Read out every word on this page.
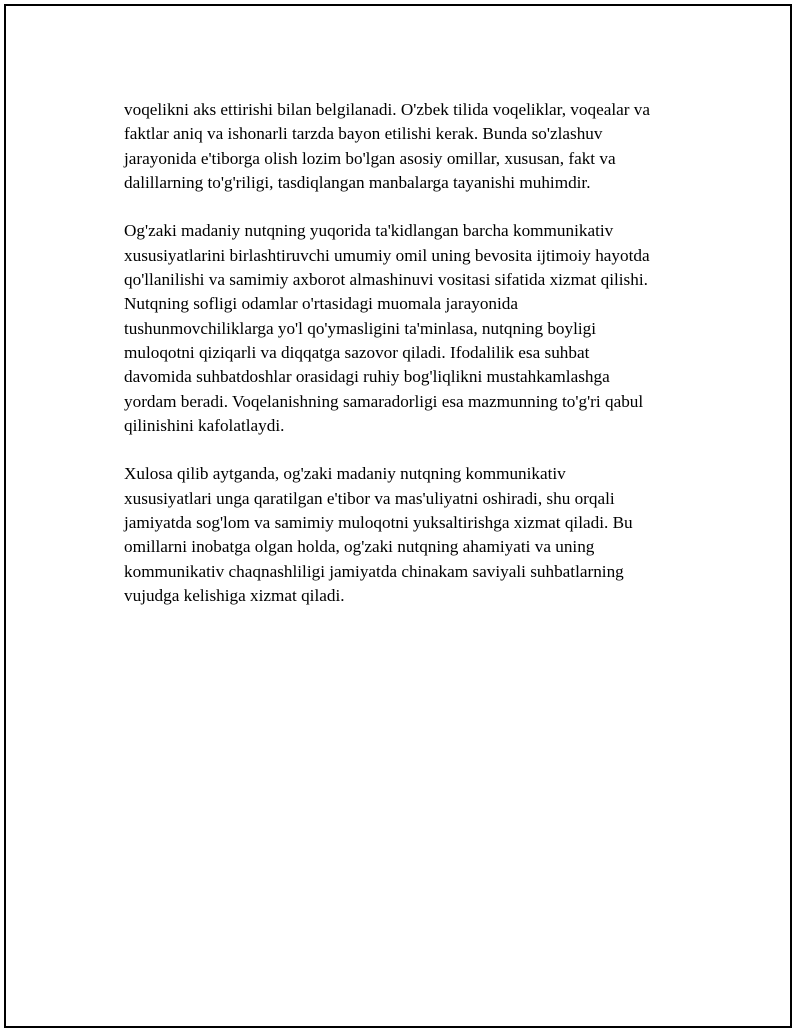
voqelikni aks ettirishi bilan belgilanadi. O'zbek tilida voqeliklar, voqealar va
faktlar aniq va ishonarli tarzda bayon etilishi kerak. Bunda so'zlashuv
jarayonida e'tiborga olish lozim bo'lgan asosiy omillar, xususan, fakt va
dalillarning to'g'riligi, tasdiqlangan manbalarga tayanishi muhimdir.

Og'zaki madaniy nutqning yuqorida ta'kidlangan barcha kommunikativ
xususiyatlarini birlashtiruvchi umumiy omil uning bevosita ijtimoiy hayotda
qo'llanilishi va samimiy axborot almashinuvi vositasi sifatida xizmat qilishi.
Nutqning sofligi odamlar o'rtasidagi muomala jarayonida
tushunmovchiliklarga yo'l qo'ymasligini ta'minlasa, nutqning boyligi
muloqotni qiziqarli va diqqatga sazovor qiladi. Ifodalilik esa suhbat
davomida suhbatdoshlar orasidagi ruhiy bog'liqlikni mustahkamlashga
yordam beradi. Voqelanishning samaradorligi esa mazmunning to'g'ri qabul
qilinishini kafolatlaydi.

Xulosa qilib aytganda, og'zaki madaniy nutqning kommunikativ
xususiyatlari unga qaratilgan e'tibor va mas'uliyatni oshiradi, shu orqali
jamiyatda sog'lom va samimiy muloqotni yuksaltirishga xizmat qiladi. Bu
omillarni inobatga olgan holda, og'zaki nutqning ahamiyati va uning
kommunikativ chaqnashliligi jamiyatda chinakam saviyali suhbatlarning
vujudga kelishiga xizmat qiladi.
